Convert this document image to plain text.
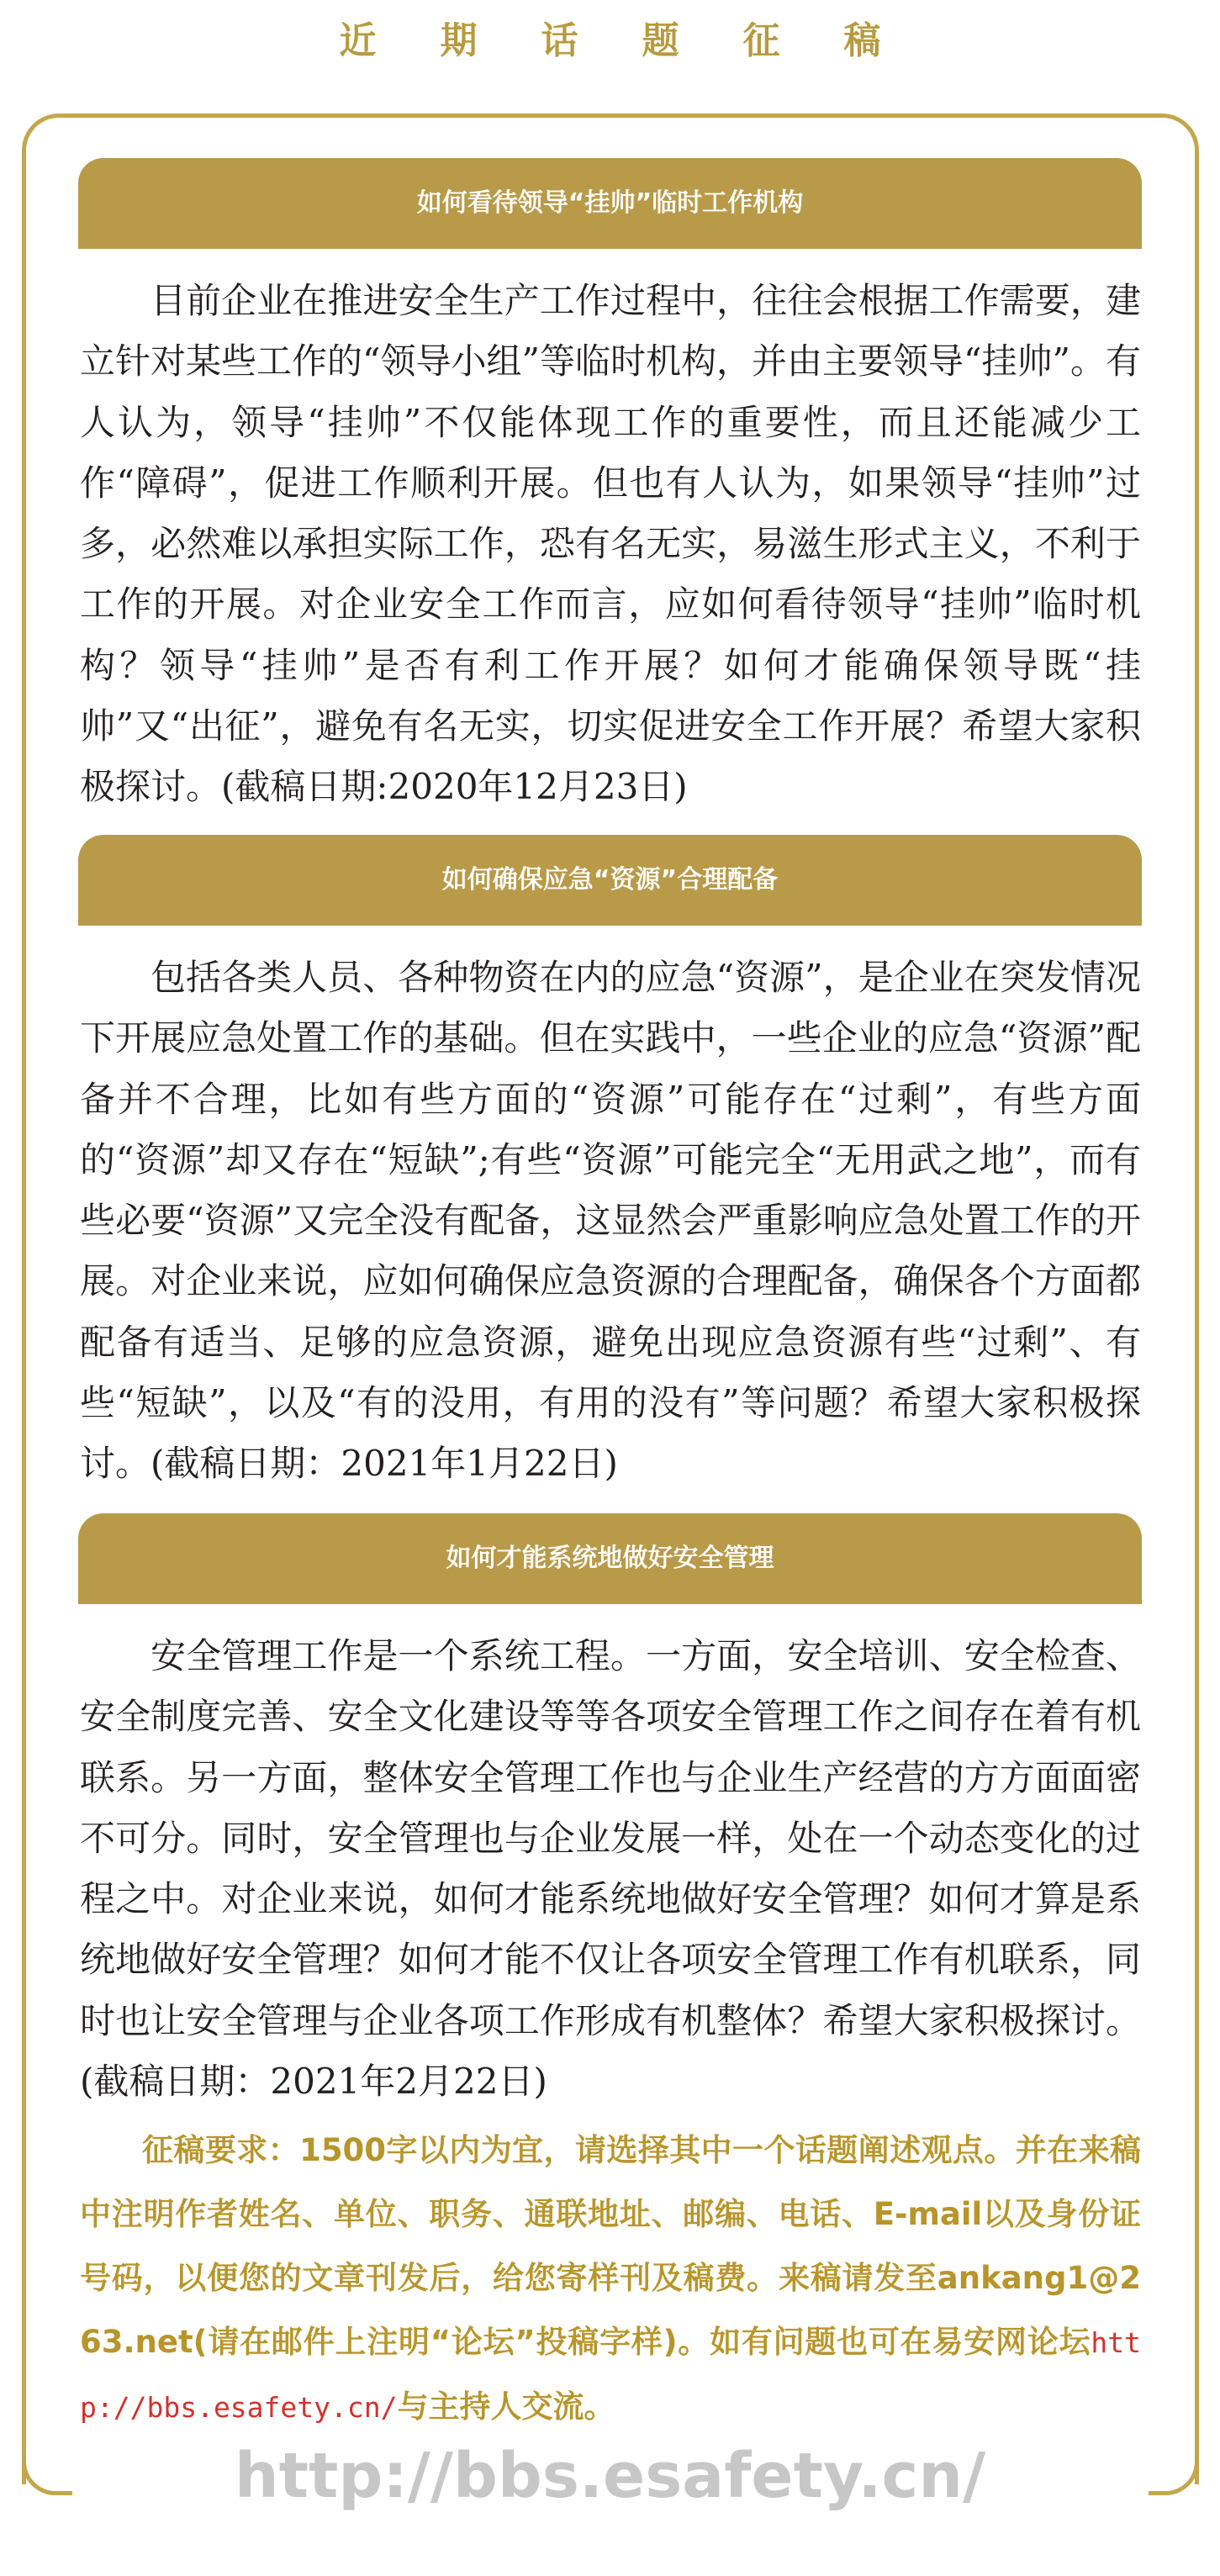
近期话题征稿
如何看待领导“挂帅”临时工作机构

目前企业在推进安全生产工作过程中，往往会根据工作需要，建立针对某些工作的“领导小组”等临时机构，并由主要领导“挂帅”。有人认为，领导“挂帅”不仅能体现工作的重要性，而且还能减少工作“障碍”，促进工作顺利开展。但也有人认为，如果领导“挂帅”过多，必然难以承担实际工作，恐有名无实，易滋生形式主义，不利于工作的开展。对企业安全工作而言，应如何看待领导“挂帅”临时机构？领导“挂帅”是否有利工作开展？如何才能确保领导既“挂帅”又“出征”，避免有名无实，切实促进安全工作开展？希望大家积极探讨。(截稿日期:2020年12月23日)

如何确保应急“资源”合理配备

包括各类人员、各种物资在内的应急“资源”，是企业在突发情况下开展应急处置工作的基础。但在实践中，一些企业的应急“资源”配备并不合理，比如有些方面的“资源”可能存在“过剩”，有些方面的“资源”却又存在“短缺”;有些“资源”可能完全“无用武之地”，而有些必要“资源”又完全没有配备，这显然会严重影响应急处置工作的开展。对企业来说，应如何确保应急资源的合理配备，确保各个方面都配备有适当、足够的应急资源，避免出现应急资源有些“过剩”、有些“短缺”，以及“有的没用，有用的没有”等问题？希望大家积极探讨。(截稿日期：2021年1月22日)

如何才能系统地做好安全管理

安全管理工作是一个系统工程。一方面，安全培训、安全检查、安全制度完善、安全文化建设等等各项安全管理工作之间存在着有机联系。另一方面，整体安全管理工作也与企业生产经营的方方面面密不可分。同时，安全管理也与企业发展一样，处在一个动态变化的过程之中。对企业来说，如何才能系统地做好安全管理？如何才算是系统地做好安全管理？如何才能不仅让各项安全管理工作有机联系，同时也让安全管理与企业各项工作形成有机整体？希望大家积极探讨。(截稿日期：2021年2月22日)

征稿要求：1500字以内为宜，请选择其中一个话题阐述观点。并在来稿中注明作者姓名、单位、职务、通联地址、邮编、电话、E-mail以及身份证号码，以便您的文章刊发后，给您寄样刊及稿费。来稿请发至ankang1@263.net(请在邮件上注明“论坛”投稿字样)。如有问题也可在易安网论坛http://bbs.esafety.cn/与主持人交流。

http://bbs.esafety.cn/
